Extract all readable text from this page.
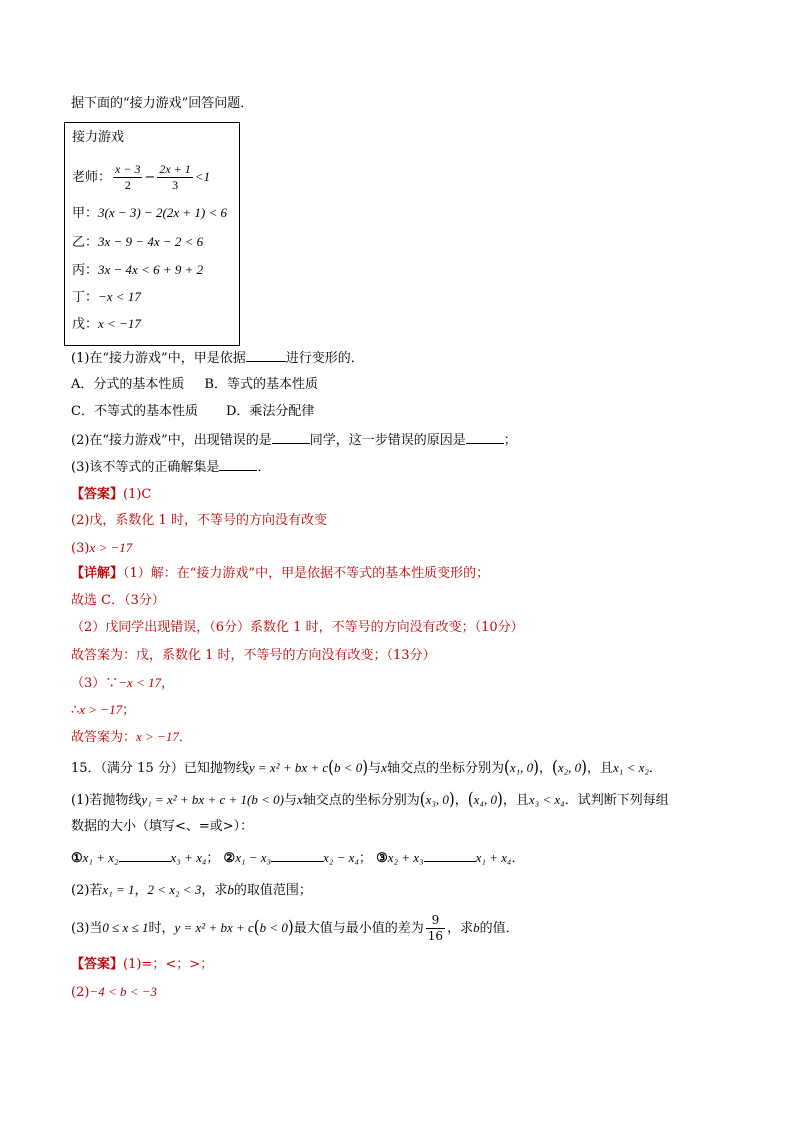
据下面的“接力游戏”回答问题．
接力游戏
老师： $\frac{x - 3}{2} - \frac{2x + 1}{3} <1$
甲：3(x − 3) − 2(2x + 1) < 6
乙：3x − 9 − 4x − 2 < 6
丙：3x − 4x < 6 + 9 + 2
丁：−x < 17
戊：x < −17
(1)在“接力游戏”中，甲是依据	进行变形的．
A．分式的基本性质 B．等式的基本性质
C．不等式的基本性质 D．乘法分配律
(2)在“接力游戏”中，出现错误的是	同学，这一步错误的原因是	；
(3)该不等式的正确解集是	．
【答案】(1)C
(2)戊，系数化 1 时，不等号的方向没有改变
(3)x > −17
【详解】（1）解：在“接力游戏”中，甲是依据不等式的基本性质变形的；
故选 C．（3分）
（2）戊同学出现错误，（6分）系数化 1 时，不等号的方向没有改变；（10分）
故答案为：戊，系数化 1 时，不等号的方向没有改变；（13分）
（3）∵−x < 17，
∴x > −17；
故答案为：x > −17．
15．（满分 15 分）已知抛物线y = x² + bx + c(b < 0)与x轴交点的坐标分别为(x₁, 0)，(x₂, 0)，且x₁ < x₂．
(1)若抛物线y₁ = x² + bx + c + 1(b < 0)与x轴交点的坐标分别为(x₃, 0)，(x₄, 0)，且x₃ < x₄．试判断下列每组
数据的大小（填写<、=或>）：
①x₁ + x₂	x₃ + x₄； ②x₁ − x₃	x₂ − x₄； ③x₂ + x₃	x₁ + x₄．
(2)若x₁ = 1，2 < x₂ < 3，求b的取值范围；
(3)当0 ≤ x ≤ 1时，y = x² + bx + c(b < 0)最大值与最小值的差为 $\frac{9}{16}$ ，求b的值．
【答案】(1)=；<；>；
(2)−4 < b < −3
